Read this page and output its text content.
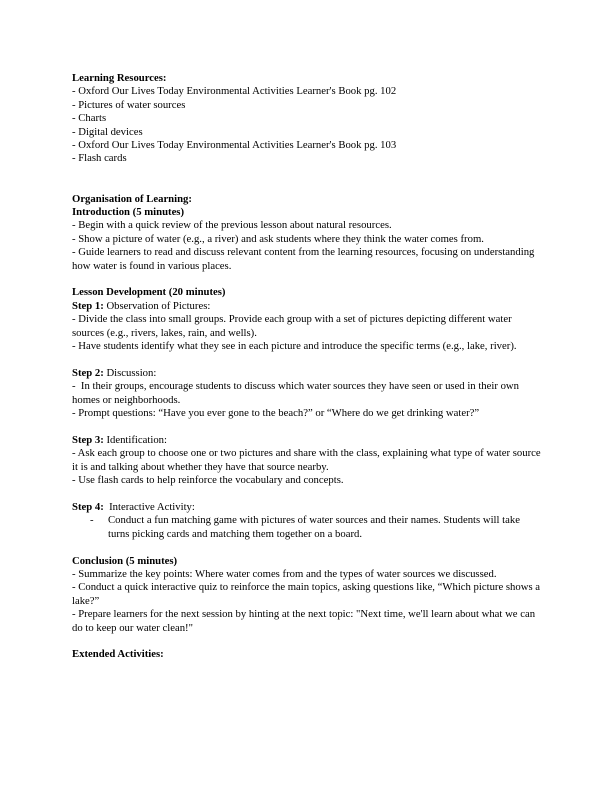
Learning Resources:
- Oxford Our Lives Today Environmental Activities Learner's Book pg. 102
- Pictures of water sources
- Charts
- Digital devices
- Oxford Our Lives Today Environmental Activities Learner's Book pg. 103
- Flash cards
Organisation of Learning:
Introduction (5 minutes)
- Begin with a quick review of the previous lesson about natural resources.
- Show a picture of water (e.g., a river) and ask students where they think the water comes from.
- Guide learners to read and discuss relevant content from the learning resources, focusing on understanding how water is found in various places.
Lesson Development (20 minutes)
Step 1: Observation of Pictures:
- Divide the class into small groups. Provide each group with a set of pictures depicting different water sources (e.g., rivers, lakes, rain, and wells).
- Have students identify what they see in each picture and introduce the specific terms (e.g., lake, river).
Step 2: Discussion:
-  In their groups, encourage students to discuss which water sources they have seen or used in their own homes or neighborhoods.
- Prompt questions: “Have you ever gone to the beach?” or “Where do we get drinking water?”
Step 3: Identification:
- Ask each group to choose one or two pictures and share with the class, explaining what type of water source it is and talking about whether they have that source nearby.
- Use flash cards to help reinforce the vocabulary and concepts.
Step 4:  Interactive Activity:
- Conduct a fun matching game with pictures of water sources and their names. Students will take turns picking cards and matching them together on a board.
Conclusion (5 minutes)
- Summarize the key points: Where water comes from and the types of water sources we discussed.
- Conduct a quick interactive quiz to reinforce the main topics, asking questions like, “Which picture shows a lake?”
- Prepare learners for the next session by hinting at the next topic: "Next time, we'll learn about what we can do to keep our water clean!"
Extended Activities:
